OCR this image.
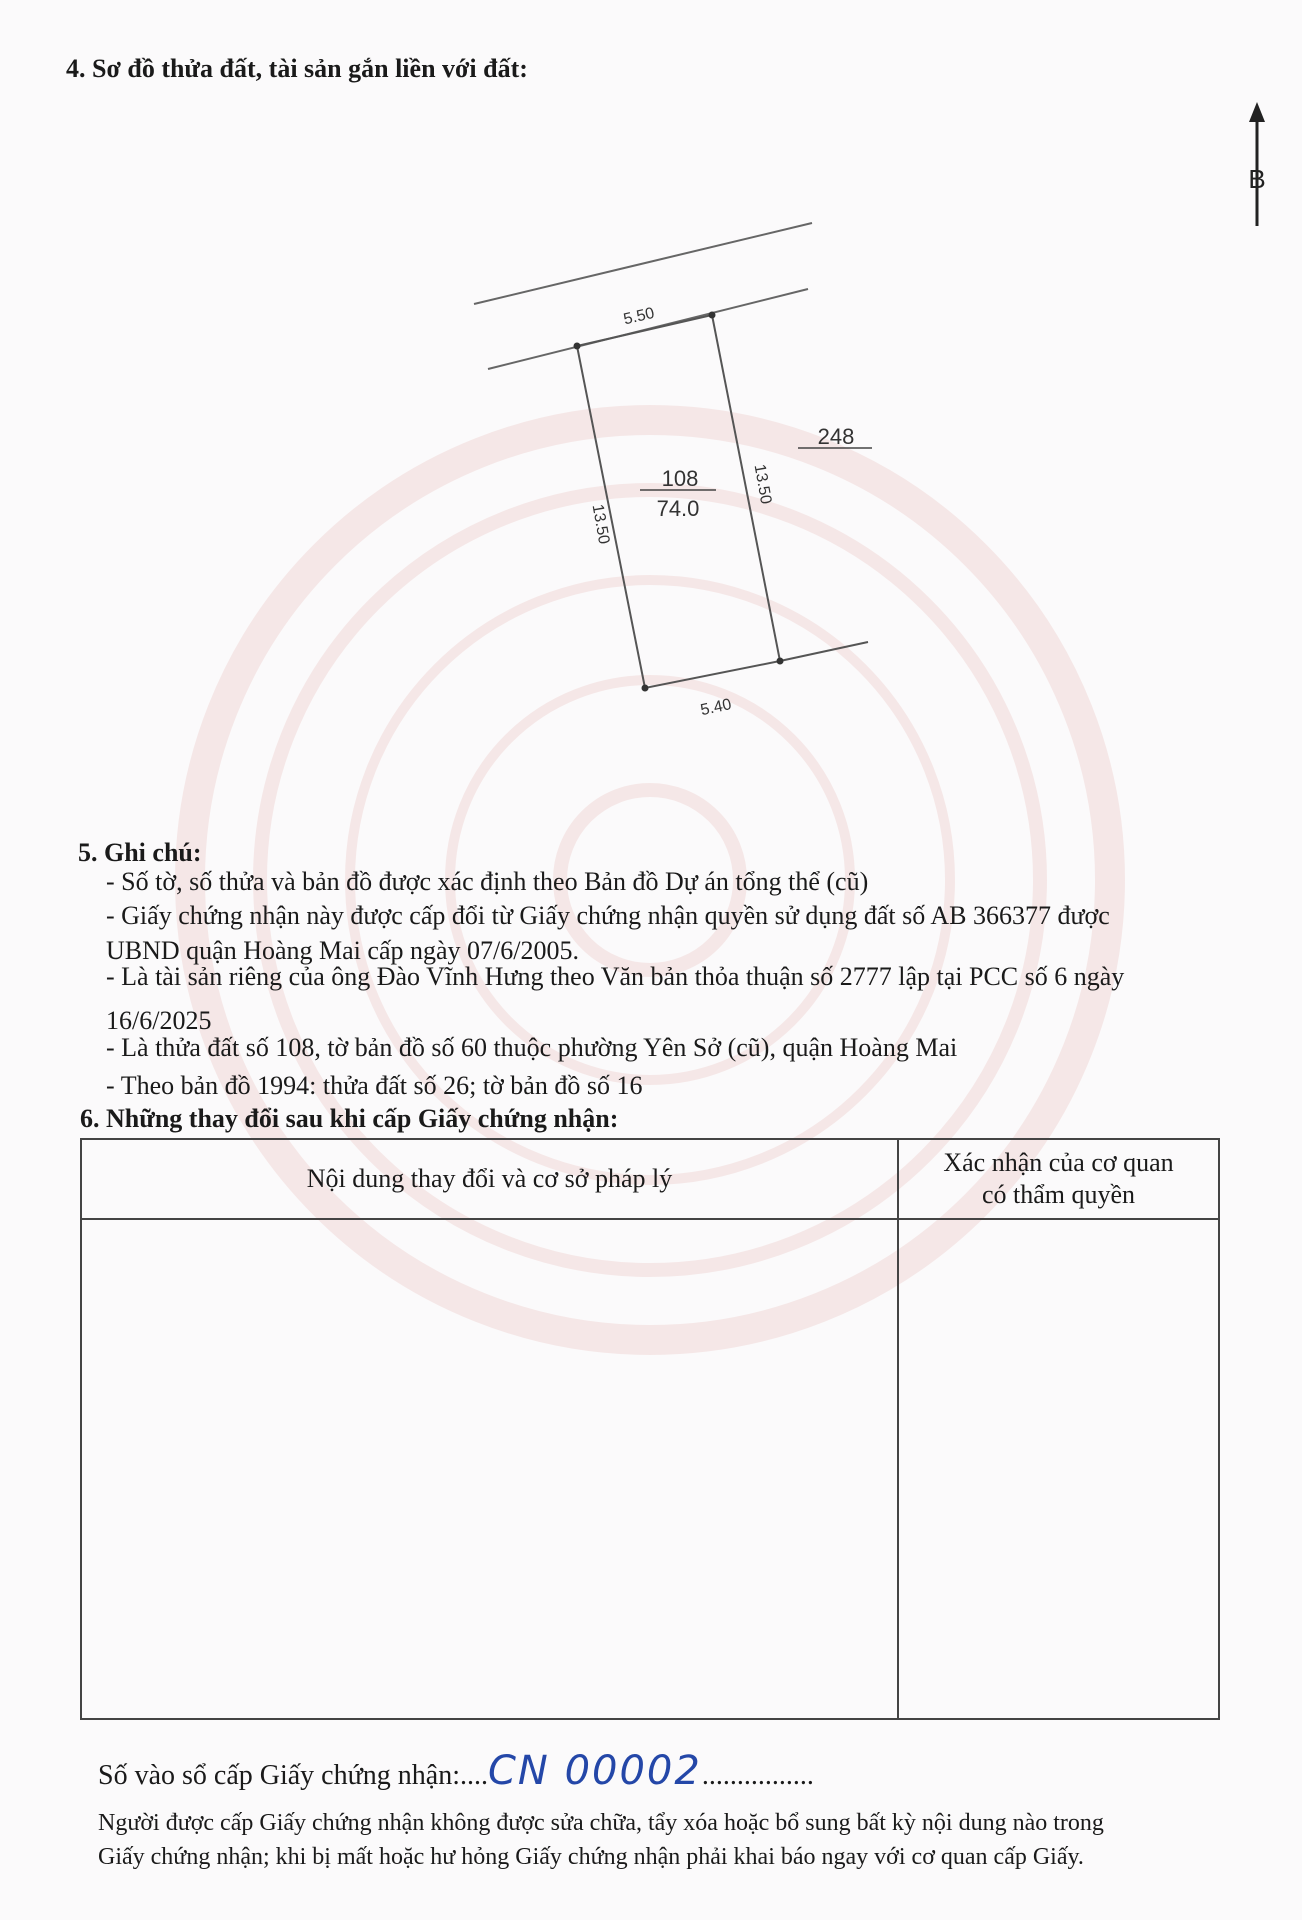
4. Sơ đồ thửa đất, tài sản gắn liền với đất:
B
5.50
5.40
13.50
13.50
108
74.0
248
5. Ghi chú:
- Số tờ, số thửa và bản đồ được xác định theo Bản đồ Dự án tổng thể (cũ)
- Giấy chứng nhận này được cấp đổi từ Giấy chứng nhận quyền sử dụng đất số AB 366377 được
UBND quận Hoàng Mai cấp ngày 07/6/2005.
- Là tài sản riêng của ông Đào Vĩnh Hưng theo Văn bản thỏa thuận số 2777 lập tại PCC số 6 ngày
16/6/2025
- Là thửa đất số 108, tờ bản đồ số 60 thuộc phường Yên Sở (cũ), quận Hoàng Mai
- Theo bản đồ 1994: thửa đất số 26; tờ bản đồ số 16
6. Những thay đổi sau khi cấp Giấy chứng nhận:
Nội dung thay đổi và cơ sở pháp lý	Xác nhận của cơ quan
có thẩm quyền

Số vào sổ cấp Giấy chứng nhận:....CN 00002................
Người được cấp Giấy chứng nhận không được sửa chữa, tẩy xóa hoặc bổ sung bất kỳ nội dung nào trong
Giấy chứng nhận; khi bị mất hoặc hư hỏng Giấy chứng nhận phải khai báo ngay với cơ quan cấp Giấy.
